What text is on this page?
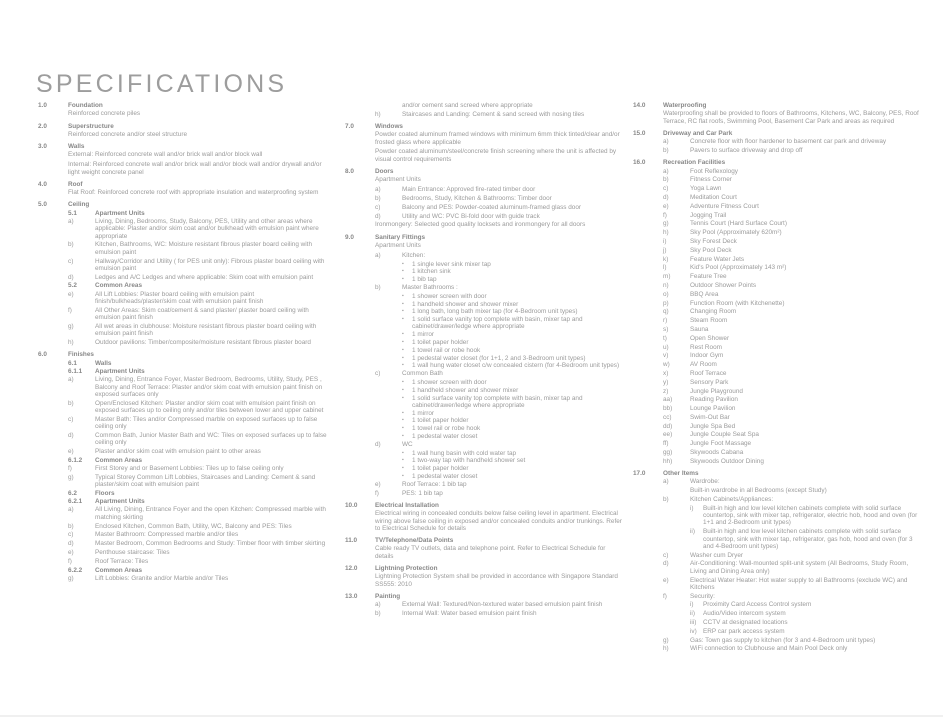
SPECIFICATIONS
1.0	Foundation
Reinforced concrete piles
2.0	Superstructure
Reinforced concrete and/or steel structure
3.0	Walls
External: Reinforced concrete wall and/or brick wall and/or block wall
Internal: Reinforced concrete wall and/or brick wall and/or block wall and/or drywall and/or light weight concrete panel
4.0	Roof
Flat Roof: Reinforced concrete roof with appropriate insulation and waterproofing system
5.0	Ceiling
5.1	Apartment Units
a)	Living, Dining, Bedrooms, Study, Balcony, PES, Utility and other areas where applicable: Plaster and/or skim coat and/or bulkhead with emulsion paint where appropriate
b)	Kitchen, Bathrooms, WC: Moisture resistant fibrous plaster board ceiling with emulsion paint
c)	Hallway/Corridor and Utility ( for PES unit only): Fibrous plaster board ceiling with emulsion paint
d)	Ledges and A/C Ledges and where applicable: Skim coat with emulsion paint
5.2	Common Areas
e)	All Lift Lobbies: Plaster board ceiling with emulsion paint finish/bulkheads/plaster/skim coat with emulsion paint finish
f)	All Other Areas: Skim coat/cement & sand plaster/ plaster board ceiling with emulsion paint finish
g)	All wet areas in clubhouse: Moisture resistant fibrous plaster board ceiling with emulsion paint finish
h)	Outdoor pavilions: Timber/composite/moisture resistant fibrous plaster board
6.0	Finishes
6.1	Walls
6.1.1	Apartment Units
a)	Living, Dining, Entrance Foyer, Master Bedroom, Bedrooms, Utility, Study, PES , Balcony and Roof Terrace: Plaster and/or skim coat with emulsion paint finish on exposed surfaces only
b)	Open/Enclosed Kitchen: Plaster and/or skim coat with emulsion paint finish on exposed surfaces up to ceiling only and/or tiles between lower and upper cabinet
c)	Master Bath: Tiles and/or Compressed marble on exposed surfaces up to false ceiling only
d)	Common Bath, Junior Master Bath and WC: Tiles on exposed surfaces up to false ceiling only
e)	Plaster and/or skim coat with emulsion paint to other areas
6.1.2	Common Areas
f)	First Storey and or Basement Lobbies: Tiles up to false ceiling only
g)	Typical Storey Common Lift Lobbies, Staircases and Landing: Cement & sand plaster/skim coat with emulsion paint
6.2	Floors
6.2.1	Apartment Units
a)	All Living, Dining, Entrance Foyer and the open Kitchen: Compressed marble with matching skirting
b)	Enclosed Kitchen, Common Bath, Utility, WC, Balcony and PES: Tiles
c)	Master Bathroom: Compressed marble and/or tiles
d)	Master Bedroom, Common Bedrooms and Study: Timber floor with timber skirting
e)	Penthouse staircase: Tiles
f)	Roof Terrace: Tiles
6.2.2	Common Areas
g)	Lift Lobbies: Granite and/or Marble and/or Tiles
and/or cement sand screed where appropriate
h)	Staircases and Landing: Cement & sand screed with nosing tiles
7.0	Windows
Powder coated aluminum framed windows with minimum 6mm thick tinted/clear and/or frosted glass where applicable
Powder coated aluminum/steel/concrete finish screening where the unit is affected by visual control requirements
8.0	Doors
Apartment Units
a)	Main Entrance: Approved fire-rated timber door
b)	Bedrooms, Study, Kitchen & Bathrooms: Timber door
c)	Balcony and PES: Powder-coated aluminum-framed glass door
d)	Utility and WC: PVC Bi-fold door with guide track
Ironmongery: Selected good quality locksets and ironmongery for all doors
9.0	Sanitary Fittings
Apartment Units
a)	Kitchen:
▪	1 single lever sink mixer tap
▪	1 kitchen sink
▪	1 bib tap
b)	Master Bathrooms :
▪	1 shower screen with door
▪	1 handheld shower and shower mixer
▪	1 long bath, long bath mixer tap (for 4-Bedroom unit types)
▪	1 solid surface vanity top complete with basin, mixer tap and cabinet/drawer/ledge where appropriate
▪	1 mirror
▪	1 toilet paper holder
▪	1 towel rail or robe hook
▪	1 pedestal water closet (for 1+1, 2 and 3-Bedroom unit types)
▪	1 wall hung water closet c/w concealed cistern (for 4-Bedroom unit types)
c)	Common Bath
▪	1 shower screen with door
▪	1 handheld shower and shower mixer
▪	1 solid surface vanity top complete with basin, mixer tap and cabinet/drawer/ledge where appropriate
▪	1 mirror
▪	1 toilet paper holder
▪	1 towel rail or robe hook
▪	1 pedestal water closet
d)	WC
▪	1 wall hung basin with cold water tap
▪	1 two-way tap with handheld shower set
▪	1 toilet paper holder
▪	1 pedestal water closet
e)	Roof Terrace: 1 bib tap
f)	PES: 1 bib tap
10.0	Electrical Installation
Electrical wiring in concealed conduits below false ceiling level in apartment. Electrical wiring above false ceiling in exposed and/or concealed conduits and/or trunkings. Refer to Electrical Schedule for details
11.0	TV/Telephone/Data Points
Cable ready TV outlets, data and telephone point. Refer to Electrical Schedule for details
12.0	Lightning Protection
Lightning Protection System shall be provided in accordance with Singapore Standard SS555: 2010
13.0	Painting
a)	External Wall: Textured/Non-textured water based emulsion paint finish
b)	Internal Wall: Water based emulsion paint finish
14.0	Waterproofing
Waterproofing shall be provided to floors of Bathrooms, Kitchens, WC, Balcony, PES, Roof Terrace, RC flat roofs, Swimming Pool, Basement Car Park and areas as required
15.0	Driveway and Car Park
a)	Concrete floor with floor hardener to basement car park and driveway
b)	Pavers to surface driveway and drop off
16.0	Recreation Facilities
a)	Foot Reflexology
b)	Fitness Corner
c)	Yoga Lawn
d)	Meditation Court
e)	Adventure Fitness Court
f)	Jogging Trail
g)	Tennis Court (Hard Surface Court)
h)	Sky Pool (Approximately 620m²)
i)	Sky Forest Deck
j)	Sky Pool Deck
k)	Feature Water Jets
l)	Kid's Pool (Approximately 143 m²)
m)	Feature Tree
n)	Outdoor Shower Points
o)	BBQ Area
p)	Function Room (with Kitchenette)
q)	Changing Room
r)	Steam Room
s)	Sauna
t)	Open Shower
u)	Rest Room
v)	Indoor Gym
w)	AV Room
x)	Roof Terrace
y)	Sensory Park
z)	Jungle Playground
aa)	Reading Pavilion
bb)	Lounge Pavilion
cc)	Swim-Out Bar
dd)	Jungle Spa Bed
ee)	Jungle Couple Seat Spa
ff)	Jungle Foot Massage
gg)	Skywoods Cabana
hh)	Skywoods Outdoor Dining
17.0	Other Items
a)	Wardrobe:
Built-in wardrobe in all Bedrooms (except Study)
b)	Kitchen Cabinets/Appliances:
i)	Built-in high and low level kitchen cabinets complete with solid surface countertop, sink with mixer tap, refrigerator, electric hob, hood and oven (for 1+1 and 2-Bedroom unit types)
ii)	Built-in high and low level kitchen cabinets complete with solid surface countertop, sink with mixer tap, refrigerator, gas hob, hood and oven (for 3 and 4-Bedroom unit types)
c)	Washer cum Dryer
d)	Air-Conditioning: Wall-mounted split-unit system (All Bedrooms, Study Room, Living and Dining Area only)
e)	Electrical Water Heater: Hot water supply to all Bathrooms (exclude WC) and Kitchens
f)	Security:
i)	Proximity Card Access Control system
ii)	Audio/Video intercom system
iii)	CCTV at designated locations
iv) ERP car park access system
g)	Gas: Town gas supply to kitchen (for 3 and 4-Bedroom unit types)
h)	WiFi connection to Clubhouse and Main Pool Deck only
